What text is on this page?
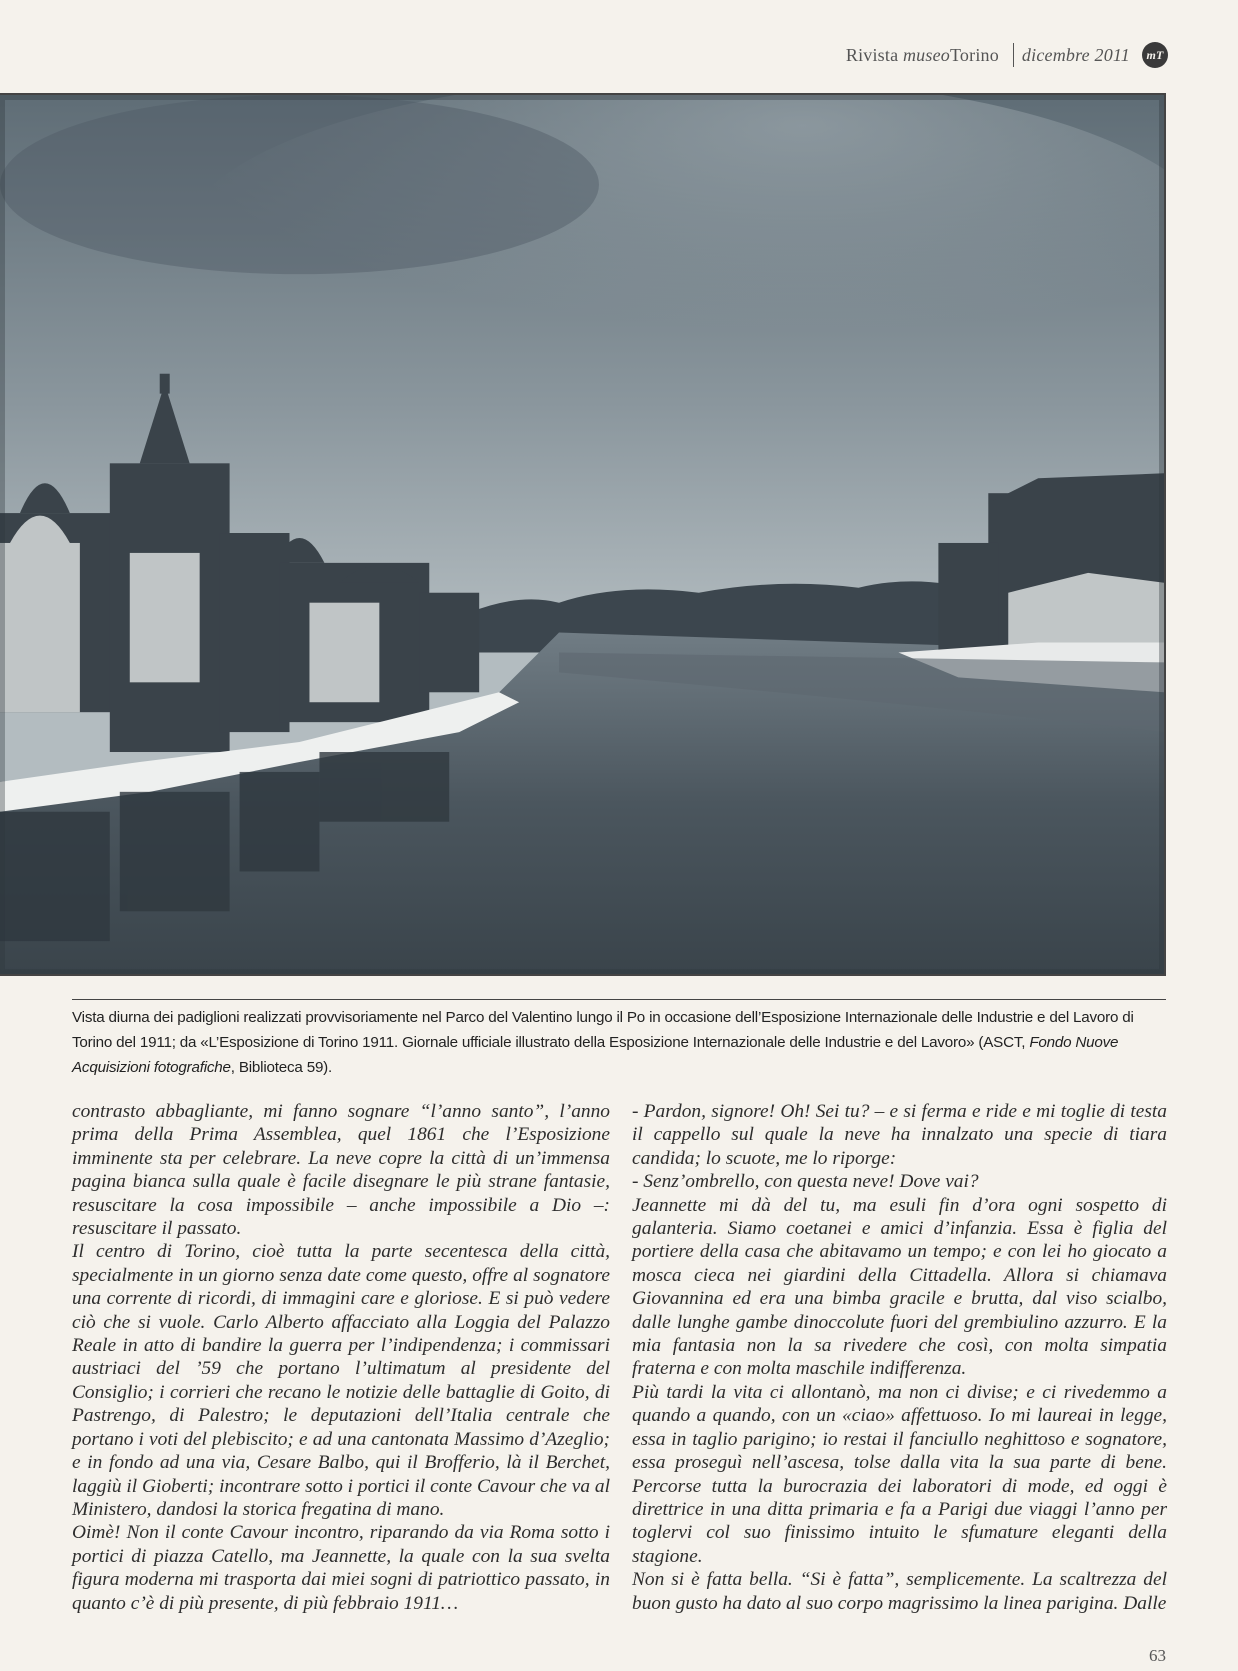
Rivista museoTorino dicembre 2011	mT
Vista diurna dei padiglioni realizzati provvisoriamente nel Parco del Valentino lungo il Po in occasione dell’Esposizione Internazionale delle Industrie e del Lavoro di Torino del 1911; da «L’Esposizione di Torino 1911. Giornale ufficiale illustrato della Esposizione Internazionale delle Industrie e del Lavoro» (ASCT, Fondo Nuove Acquisizioni fotografiche, Biblioteca 59).

contrasto abbagliante, mi fanno sognare “l’anno santo”, l’anno prima della Prima Assemblea, quel 1861 che l’Esposizione imminente sta per celebrare. La neve copre la città di un’immensa pagina bianca sulla quale è facile disegnare le più strane fantasie, resuscitare la cosa impossibile – anche impossibile a Dio –: resuscitare il passato.

Il centro di Torino, cioè tutta la parte secentesca della città, specialmente in un giorno senza date come questo, offre al sognatore una corrente di ricordi, di immagini care e gloriose. E si può vedere ciò che si vuole. Carlo Alberto affacciato alla Loggia del Palazzo Reale in atto di bandire la guerra per l’indipendenza; i commissari austriaci del ’59 che portano l’ultimatum al presidente del Consiglio; i corrieri che recano le notizie delle battaglie di Goito, di Pastrengo, di Palestro; le deputazioni dell’Italia centrale che portano i voti del plebiscito; e ad una cantonata Massimo d’Azeglio; e in fondo ad una via, Cesare Balbo, qui il Brofferio, là il Berchet, laggiù il Gioberti; incontrare sotto i portici il conte Cavour che va al Ministero, dandosi la storica fregatina di mano.

Oimè! Non il conte Cavour incontro, riparando da via Roma sotto i portici di piazza Catello, ma Jeannette, la quale con la sua svelta figura moderna mi trasporta dai miei sogni di patriottico passato, in quanto c’è di più presente, di più febbraio 1911…

- Pardon, signore! Oh! Sei tu? – e si ferma e ride e mi toglie di testa il cappello sul quale la neve ha innalzato una specie di tiara candida; lo scuote, me lo riporge:

- Senz’ombrello, con questa neve! Dove vai?

Jeannette mi dà del tu, ma esuli fin d’ora ogni sospetto di galanteria. Siamo coetanei e amici d’infanzia. Essa è figlia del portiere della casa che abitavamo un tempo; e con lei ho giocato a mosca cieca nei giardini della Cittadella. Allora si chiamava Giovannina ed era una bimba gracile e brutta, dal viso scialbo, dalle lunghe gambe dinoccolute fuori del grembiulino azzurro. E la mia fantasia non la sa rivedere che così, con molta simpatia fraterna e con molta maschile indifferenza.

Più tardi la vita ci allontanò, ma non ci divise; e ci rivedemmo a quando a quando, con un «ciao» affettuoso. Io mi laureai in legge, essa in taglio parigino; io restai il fanciullo neghittoso e sognatore, essa proseguì nell’ascesa, tolse dalla vita la sua parte di bene. Percorse tutta la burocrazia dei laboratori di mode, ed oggi è direttrice in una ditta primaria e fa a Parigi due viaggi l’anno per toglervi col suo finissimo intuito le sfumature eleganti della stagione.

Non si è fatta bella. “Si è fatta”, semplicemente. La scaltrezza del buon gusto ha dato al suo corpo magrissimo la linea parigina. Dalle

63
